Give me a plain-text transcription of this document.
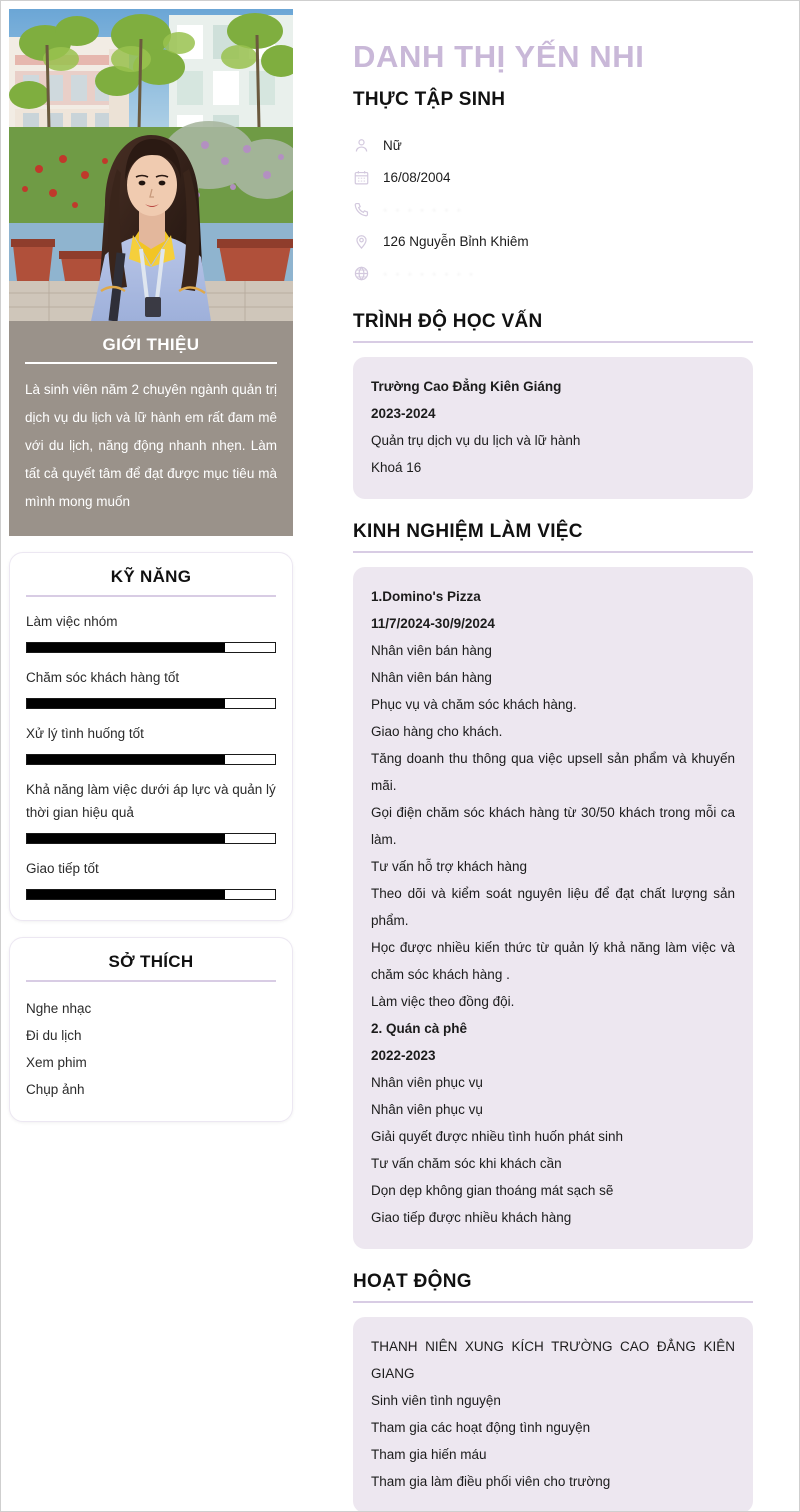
GIỚI THIỆU
Là sinh viên năm 2 chuyên ngành quản trị dịch vụ du lịch và lữ hành em rất đam mê với du lịch, năng động nhanh nhẹn. Làm tất cả quyết tâm để đạt được mục tiêu mà mình mong muốn
KỸ NĂNG
Làm việc nhóm
Chăm sóc khách hàng tốt
Xử lý tình huống tốt
Khả năng làm việc dưới áp lực và quản lý thời gian hiệu quả
Giao tiếp tốt
SỞ THÍCH
Nghe nhạc
Đi du lịch
Xem phim
Chụp ảnh
DANH THỊ YẾN NHI
THỰC TẬP SINH
Nữ
16/08/2004
· · · · · · ·
126 Nguyễn Bỉnh Khiêm
· · · · · · · ·
TRÌNH ĐỘ HỌC VẤN
Trường Cao Đẳng Kiên Giáng
2023-2024
Quản trụ dịch vụ du lịch và lữ hành
Khoá 16
KINH NGHIỆM LÀM VIỆC
1.Domino's Pizza
11/7/2024-30/9/2024
Nhân viên bán hàng
Nhân viên bán hàng
Phục vụ và chăm sóc khách hàng.
Giao hàng cho khách.
Tăng doanh thu thông qua việc upsell sản phẩm và khuyến mãi.
Gọi điện chăm sóc khách hàng từ 30/50 khách trong mỗi ca làm.
Tư vấn hỗ trợ khách hàng
Theo dõi và kiểm soát nguyên liệu để đạt chất lượng sản phẩm.
Học được nhiều kiến thức từ quản lý khả năng làm việc và chăm sóc khách hàng .
Làm việc theo đồng đội.
2. Quán cà phê
2022-2023
Nhân viên phục vụ
Nhân viên phục vụ
Giải quyết được nhiều tình huốn phát sinh
Tư vấn chăm sóc khi khách cần
Dọn dẹp không gian thoáng mát sạch sẽ
Giao tiếp được nhiều khách hàng
HOẠT ĐỘNG
THANH NIÊN XUNG KÍCH TRƯỜNG CAO ĐẲNG KIÊN GIANG
Sinh viên tình nguyện
Tham gia các hoạt động tình nguyện
Tham gia hiến máu
Tham gia làm điều phối viên cho trường
